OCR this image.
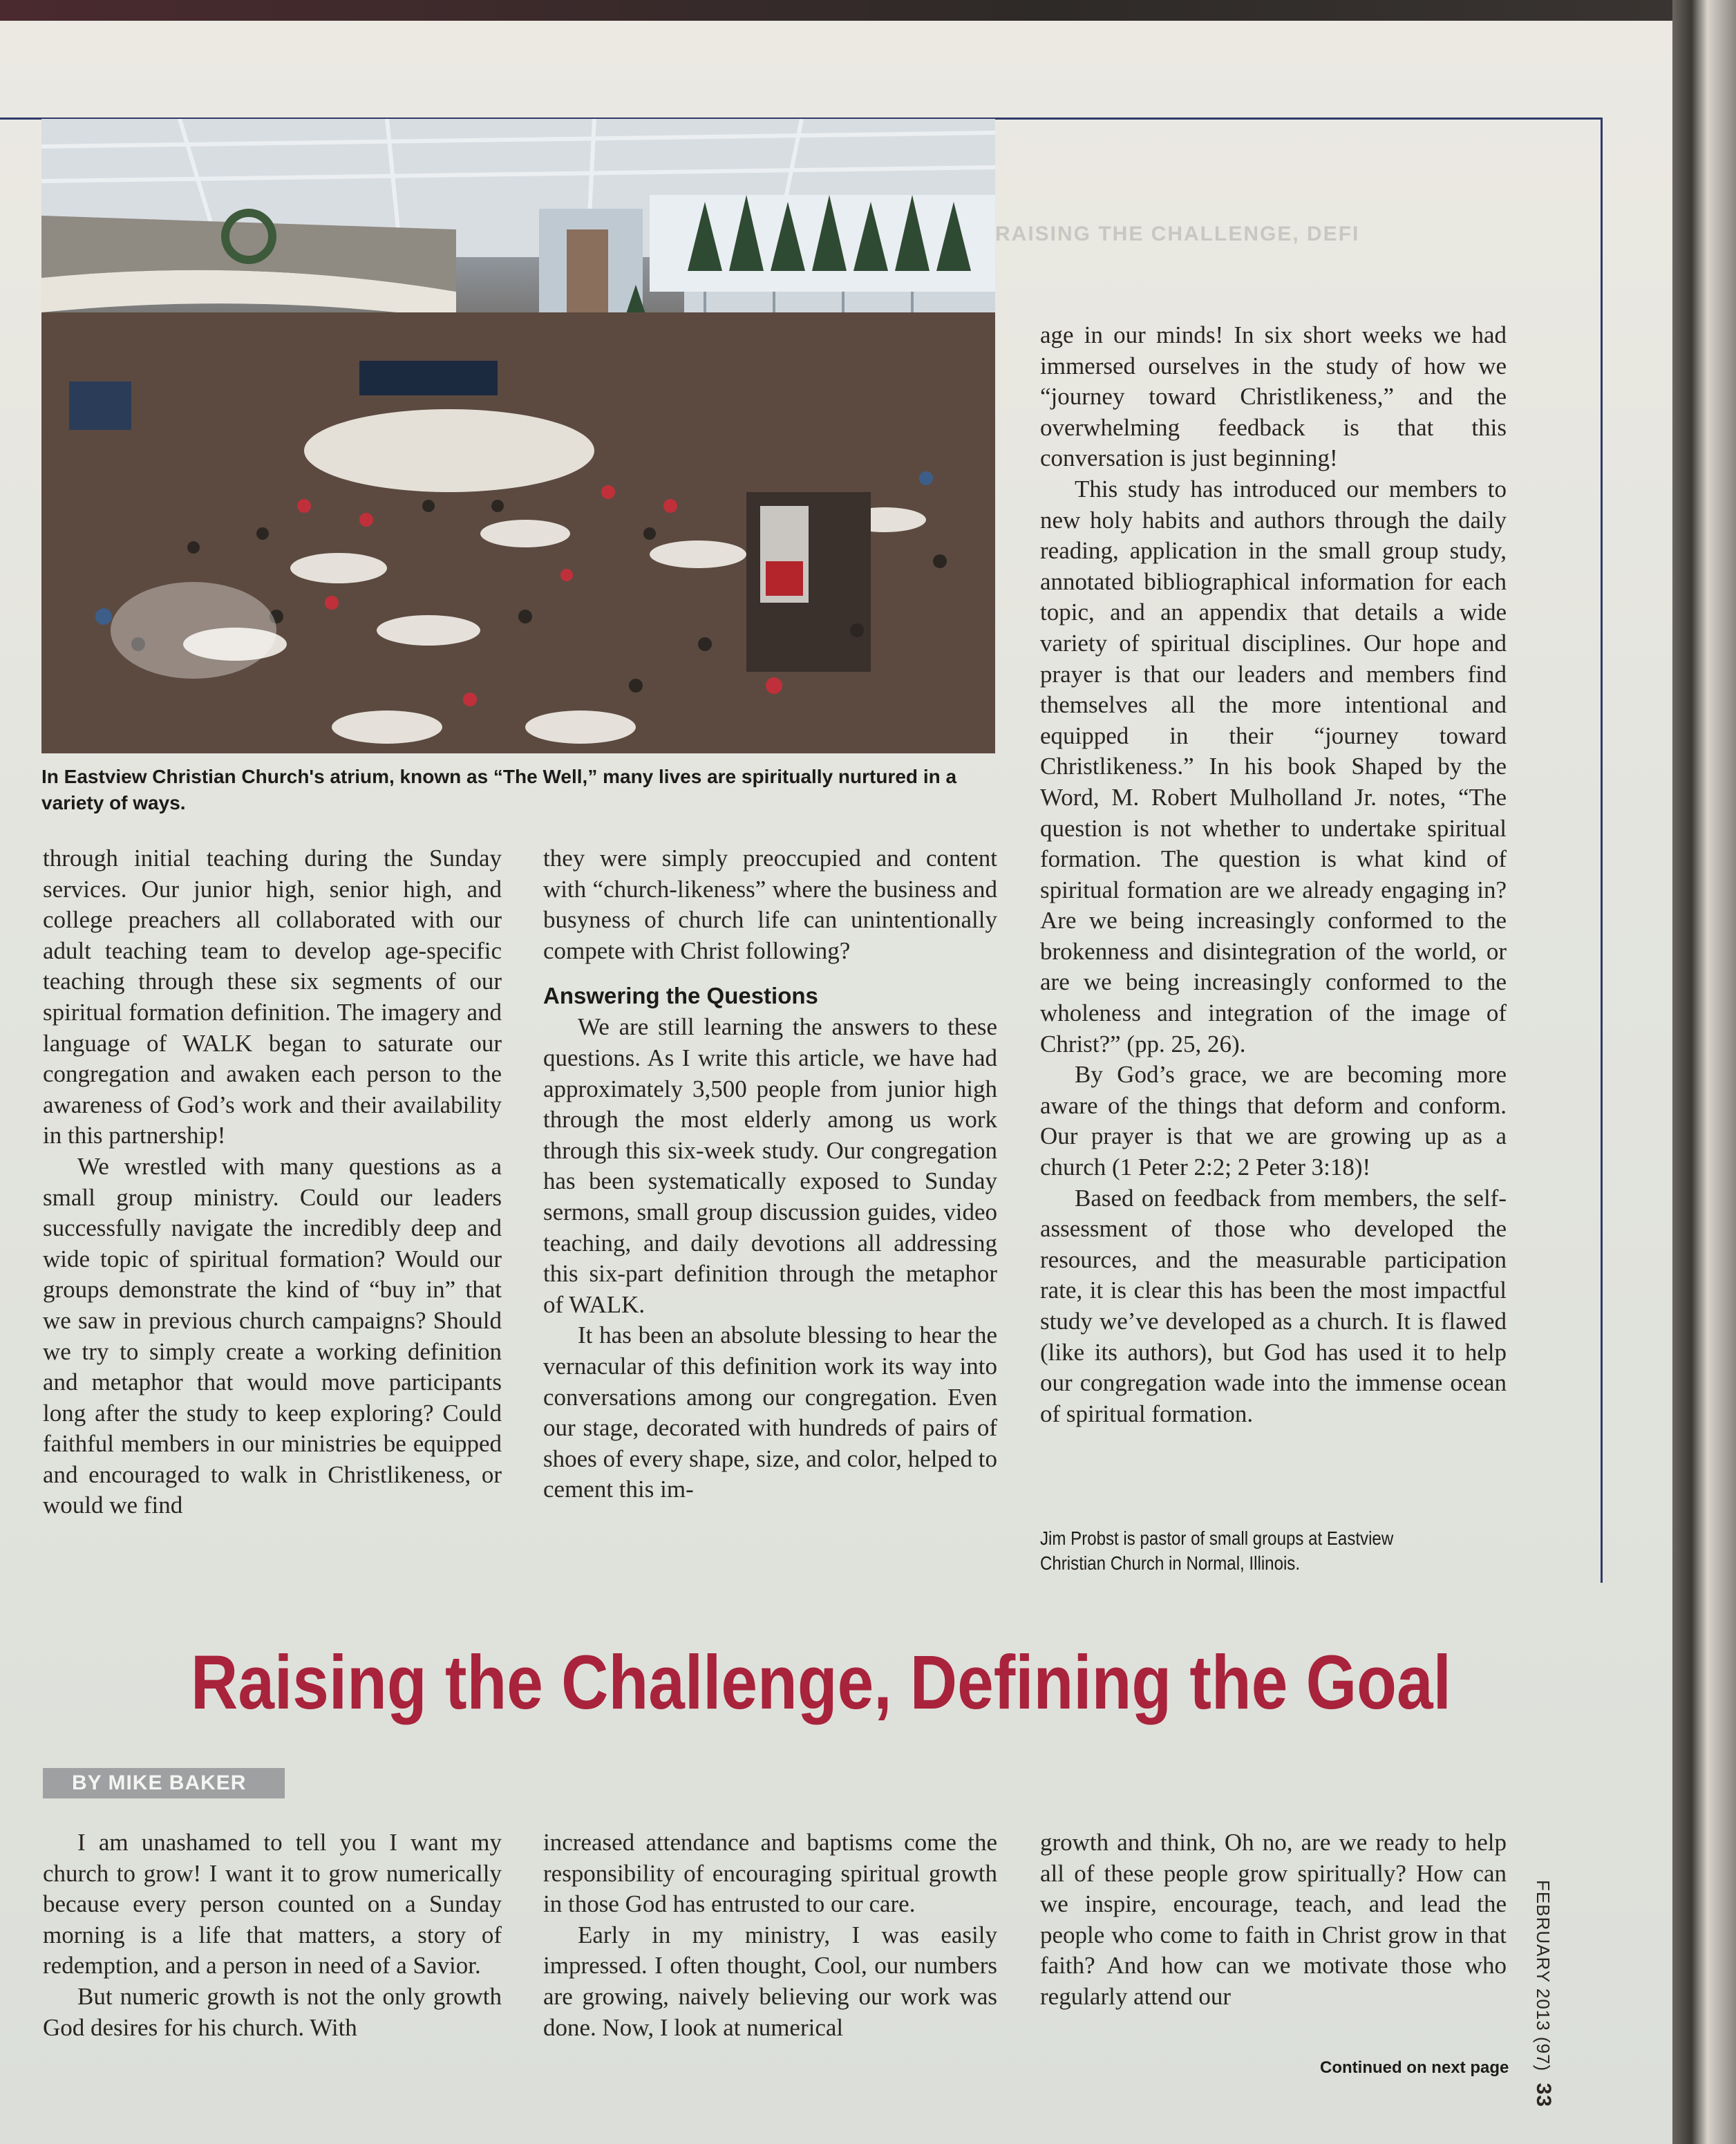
RAISING THE CHALLENGE, DEFI
In Eastview Christian Church's atrium, known as “The Well,” many lives are spiritually nurtured in a variety of ways.

through initial teaching during the Sunday services. Our junior high, senior high, and college preachers all collaborated with our adult teaching team to develop age-specific teaching through these six segments of our spiritual formation definition. The imagery and language of WALK began to saturate our congregation and awaken each person to the awareness of God’s work and their availability in this partnership!

We wrestled with many questions as a small group ministry. Could our leaders successfully navigate the incredibly deep and wide topic of spiritual formation? Would our groups demonstrate the kind of “buy in” that we saw in previous church campaigns? Should we try to simply create a working definition and metaphor that would move participants long after the study to keep exploring? Could faithful members in our ministries be equipped and encouraged to walk in Christlikeness, or would we find

they were simply preoccupied and content with “church-likeness” where the business and busyness of church life can unintentionally compete with Christ following?

Answering the Questions

We are still learning the answers to these questions. As I write this article, we have had approximately 3,500 people from junior high through the most elderly among us work through this six-week study. Our congregation has been systematically exposed to Sunday sermons, small group discussion guides, video teaching, and daily devotions all addressing this six-part definition through the metaphor of WALK.

It has been an absolute blessing to hear the vernacular of this definition work its way into conversations among our congregation. Even our stage, decorated with hundreds of pairs of shoes of every shape, size, and color, helped to cement this im-

age in our minds! In six short weeks we had immersed ourselves in the study of how we “journey toward Christlikeness,” and the overwhelming feedback is that this conversation is just beginning!

This study has introduced our members to new holy habits and authors through the daily reading, application in the small group study, annotated bibliographical information for each topic, and an appendix that details a wide variety of spiritual disciplines. Our hope and prayer is that our leaders and members find themselves all the more intentional and equipped in their “journey toward Christlikeness.” In his book Shaped by the Word, M. Robert Mulholland Jr. notes, “The question is not whether to undertake spiritual formation. The question is what kind of spiritual formation are we already engaging in? Are we being increasingly conformed to the brokenness and disintegration of the world, or are we being increasingly conformed to the wholeness and integration of the image of Christ?” (pp. 25, 26).

By God’s grace, we are becoming more aware of the things that deform and conform. Our prayer is that we are growing up as a church (1 Peter 2:2; 2 Peter 3:18)!

Based on feedback from members, the self-assessment of those who developed the resources, and the measurable participation rate, it is clear this has been the most impactful study we’ve developed as a church. It is flawed (like its authors), but God has used it to help our congregation wade into the immense ocean of spiritual formation.

Jim Probst is pastor of small groups at Eastview Christian Church in Normal, Illinois.
Raising the Challenge, Defining the Goal
BY MIKE BAKER

I am unashamed to tell you I want my church to grow! I want it to grow numerically because every person counted on a Sunday morning is a life that matters, a story of redemption, and a person in need of a Savior.

But numeric growth is not the only growth God desires for his church. With

increased attendance and baptisms come the responsibility of encouraging spiritual growth in those God has entrusted to our care.

Early in my ministry, I was easily impressed. I often thought, Cool, our numbers are growing, naively believing our work was done. Now, I look at numerical

growth and think, Oh no, are we ready to help all of these people grow spiritually? How can we inspire, encourage, teach, and lead the people who come to faith in Christ grow in that faith? And how can we motivate those who regularly attend our

Continued on next page	FEBRUARY 2013 (97)  33
